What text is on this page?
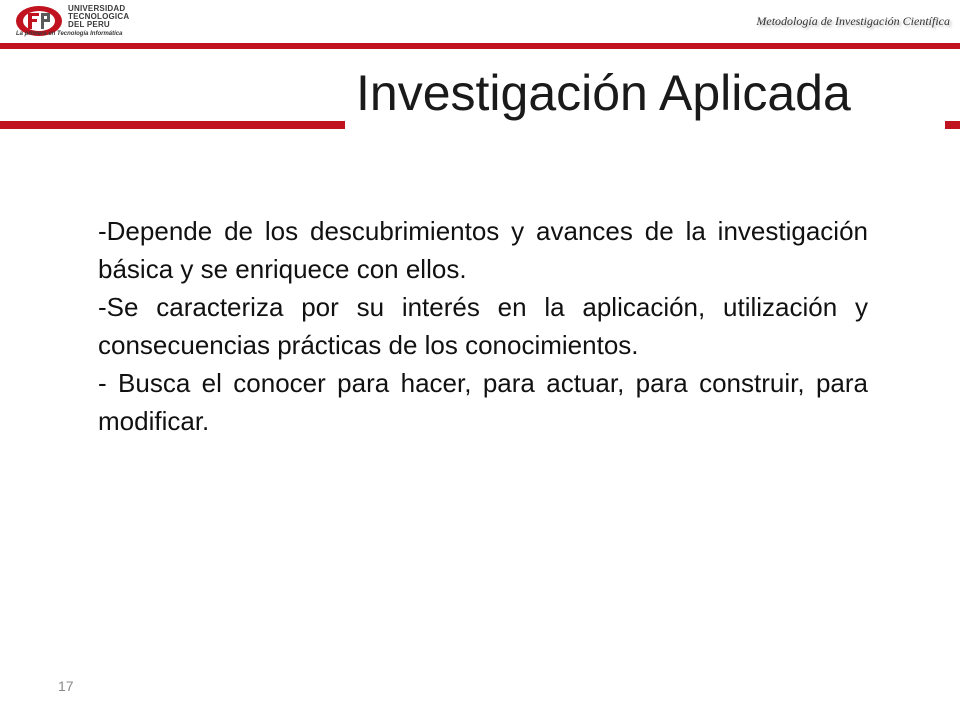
UNIVERSIDAD
TECNOLOGICA
DEL PERU
La primera en Tecnología Informática
Metodología de Investigación Científica
Investigación Aplicada

-Depende de los descubrimientos y avances de la investigación básica y se enriquece con ellos.

-Se caracteriza por su interés en la aplicación, utilización y consecuencias prácticas de los conocimientos.

- Busca el conocer para hacer, para actuar, para construir, para modificar.

17
